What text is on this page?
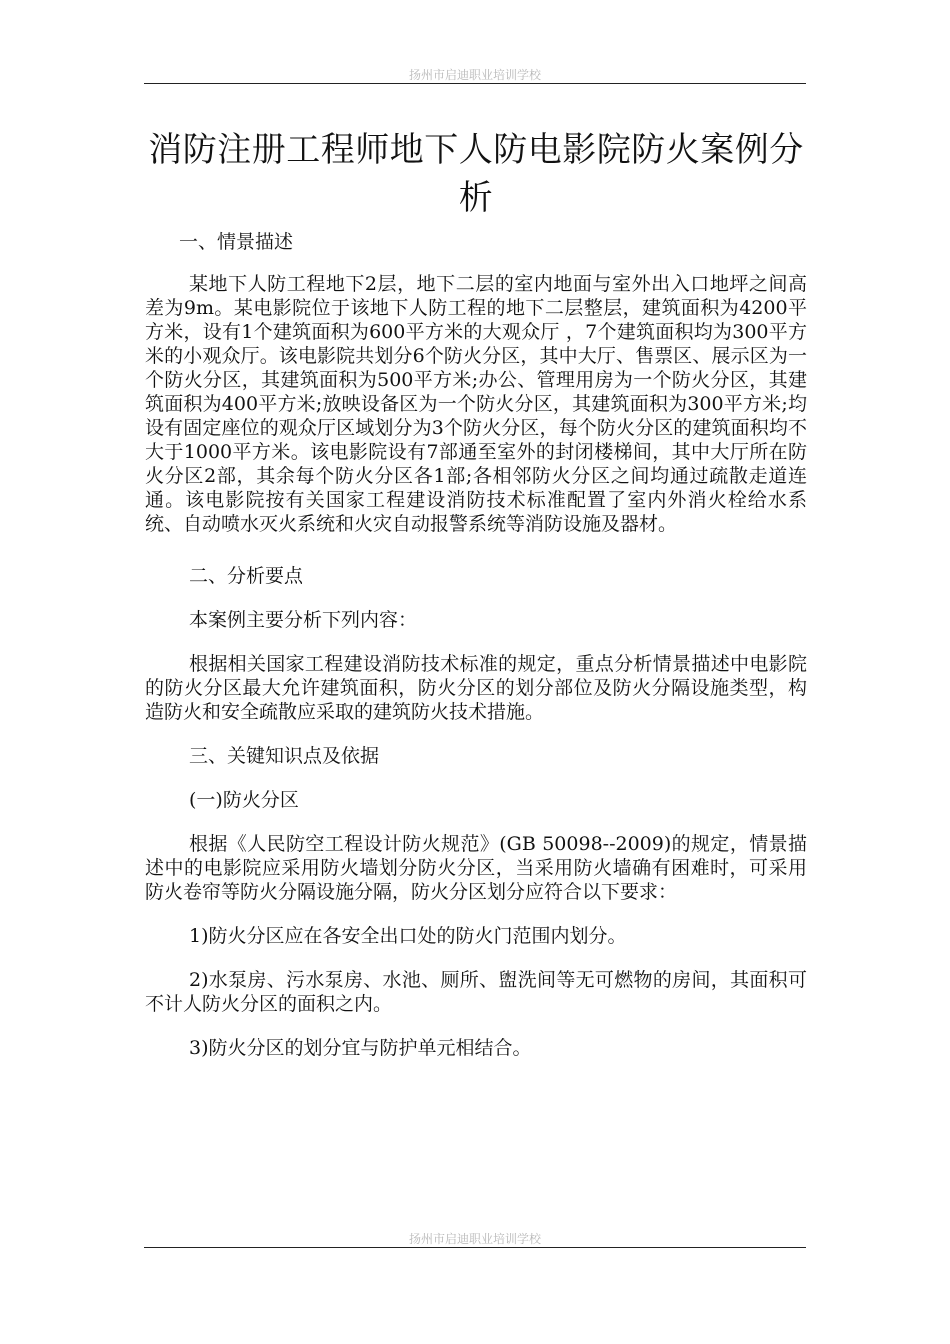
扬州市启迪职业培训学校
消防注册工程师地下人防电影院防火案例分析
一、情景描述

某地下人防工程地下2层，地下二层的室内地面与室外出入口地坪之间高差为9m。某电影院位于该地下人防工程的地下二层整层，建筑面积为4200平方米，设有1个建筑面积为600平方米的大观众厅 ，7个建筑面积均为300平方米的小观众厅。该电影院共划分6个防火分区，其中大厅、售票区、展示区为一个防火分区，其建筑面积为500平方米;办公、管理用房为一个防火分区，其建筑面积为400平方米;放映设备区为一个防火分区，其建筑面积为300平方米;均设有固定座位的观众厅区域划分为3个防火分区，每个防火分区的建筑面积均不大于1000平方米。该电影院设有7部通至室外的封闭楼梯间，其中大厅所在防火分区2部，其余每个防火分区各1部;各相邻防火分区之间均通过疏散走道连通。该电影院按有关国家工程建设消防技术标准配置了室内外消火栓给水系统、自动喷水灭火系统和火灾自动报警系统等消防设施及器材。

二、分析要点

本案例主要分析下列内容：

根据相关国家工程建设消防技术标准的规定，重点分析情景描述中电影院的防火分区最大允许建筑面积，防火分区的划分部位及防火分隔设施类型，构造防火和安全疏散应采取的建筑防火技术措施。

三、关键知识点及依据

(一)防火分区

根据《人民防空工程设计防火规范》(GB 50098--2009)的规定，情景描述中的电影院应采用防火墙划分防火分区，当采用防火墙确有困难时，可采用防火卷帘等防火分隔设施分隔，防火分区划分应符合以下要求：

1)防火分区应在各安全出口处的防火门范围内划分。

2)水泵房、污水泵房、水池、厕所、盥洗间等无可燃物的房间，其面积可不计人防火分区的面积之内。

3)防火分区的划分宜与防护单元相结合。

扬州市启迪职业培训学校
